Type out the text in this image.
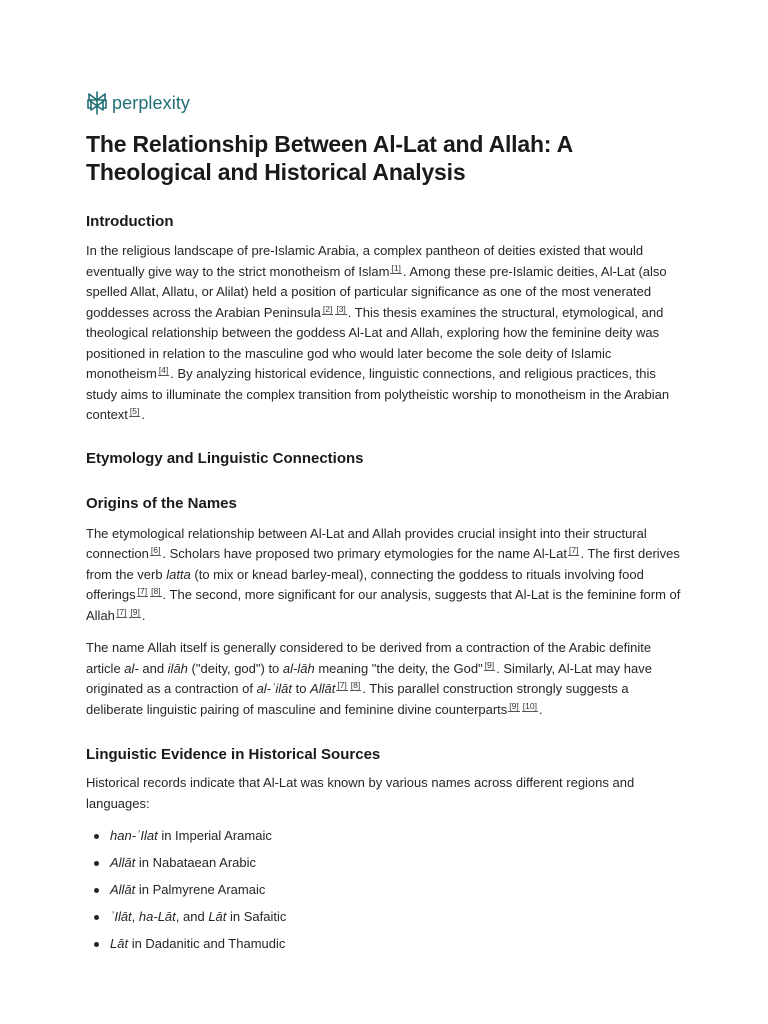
perplexity
The Relationship Between Al-Lat and Allah: A Theological and Historical Analysis
Introduction

In the religious landscape of pre-Islamic Arabia, a complex pantheon of deities existed that would eventually give way to the strict monotheism of Islam [1] . Among these pre-Islamic deities, Al-Lat (also spelled Allat, Allatu, or Alilat) held a position of particular significance as one of the most venerated goddesses across the Arabian Peninsula [2] [3] . This thesis examines the structural, etymological, and theological relationship between the goddess Al-Lat and Allah, exploring how the feminine deity was positioned in relation to the masculine god who would later become the sole deity of Islamic monotheism [4] . By analyzing historical evidence, linguistic connections, and religious practices, this study aims to illuminate the complex transition from polytheistic worship to monotheism in the Arabian context [5] .

Etymology and Linguistic Connections
Origins of the Names

The etymological relationship between Al-Lat and Allah provides crucial insight into their structural connection [6] . Scholars have proposed two primary etymologies for the name Al-Lat [7] . The first derives from the verb latta (to mix or knead barley-meal), connecting the goddess to rituals involving food offerings [7] [8] . The second, more significant for our analysis, suggests that Al-Lat is the feminine form of Allah [7] [9] .

The name Allah itself is generally considered to be derived from a contraction of the Arabic definite article al- and ilāh ("deity, god") to al-lāh meaning "the deity, the God" [9] . Similarly, Al-Lat may have originated as a contraction of al-ʾilāt to Allāt [7] [8] . This parallel construction strongly suggests a deliberate linguistic pairing of masculine and feminine divine counterparts [9] [10] .

Linguistic Evidence in Historical Sources

Historical records indicate that Al-Lat was known by various names across different regions and languages:

han-ʾIlat in Imperial Aramaic
Allāt in Nabataean Arabic
Allāt in Palmyrene Aramaic
ʾIlāt, ha-Lāt, and Lāt in Safaitic
Lāt in Dadanitic and Thamudic
